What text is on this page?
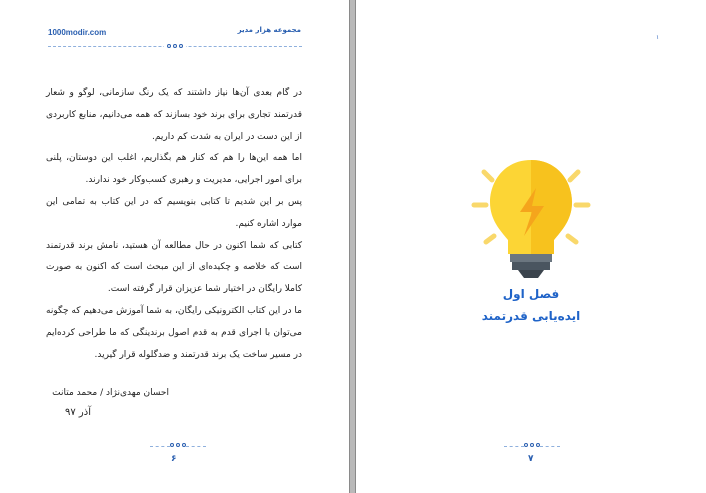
1000modir.com	مجموعه هزار مدیر

در گام بعدی آن‌ها نیاز داشتند که یک رنگ سازمانی، لوگو و شعار قدرتمند تجاری برای برند خود بسازند که همه می‌دانیم، منابع کاربردی از این دست در ایران به شدت کم داریم.

اما همه این‌ها را هم که کنار هم بگذاریم، اغلب این دوستان، پلنی برای امور اجرایی، مدیریت و رهبری کسب‌وکار خود ندارند.

پس بر این شدیم تا کتابی بنویسیم که در این کتاب به تمامی این موارد اشاره کنیم.

کتابی که شما اکنون در حال مطالعه آن هستید، نامش برند قدرتمند است که خلاصه و چکیده‌ای از این مبحث است که اکنون به صورت کاملا رایگان در اختیار شما عزیزان قرار گرفته است.

ما در این کتاب الکترونیکی رایگان، به شما آموزش می‌دهیم که چگونه می‌توان با اجرای قدم به قدم اصول برندینگی که ما طراحی کرده‌ایم در مسیر ساخت یک برند قدرتمند و ضدگلوله قرار گیرید.

احسان مهدی‌نژاد / محمد متانت
آذر ۹۷
۶
۱
فصل اول
ایده‌یابی قدرتمند
۷
